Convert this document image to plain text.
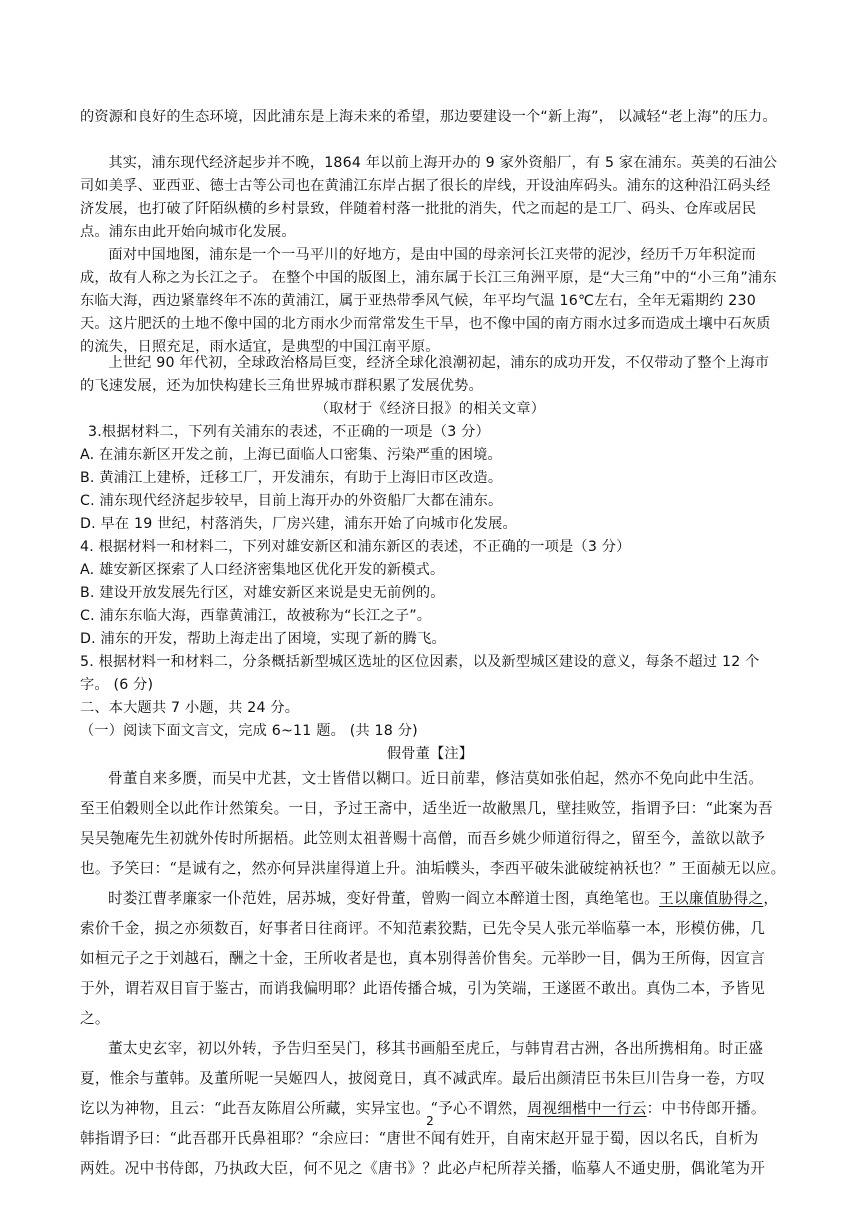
的资源和良好的生态环境，因此浦东是上海未来的希望，那边要建设一个“新上海”， 以减轻“老上海”的压力。
其实，浦东现代经济起步并不晚，1864 年以前上海开办的 9 家外资船厂，有 5 家在浦东。英美的石油公司如美孚、亚西亚、德士古等公司也在黄浦江东岸占据了很长的岸线，开设油库码头。浦东的这种沿江码头经济发展，也打破了阡陌纵横的乡村景致，伴随着村落一批批的消失，代之而起的是工厂、码头、仓库或居民点。浦东由此开始向城市化发展。
面对中国地图，浦东是一个一马平川的好地方，是由中国的母亲河长江夹带的泥沙，经历千万年积淀而成，故有人称之为长江之子。 在整个中国的版图上，浦东属于长江三角洲平原，是“大三角”中的“小三角”浦东东临大海，西边紧靠终年不冻的黄浦江，属于亚热带季风气候，年平均气温 16℃左右，全年无霜期约 230 天。这片肥沃的土地不像中国的北方雨水少而常常发生干旱，也不像中国的南方雨水过多而造成土壤中石灰质的流失，日照充足，雨水适宜，是典型的中国江南平原。
上世纪 90 年代初，全球政治格局巨变，经济全球化浪潮初起，浦东的成功开发，不仅带动了整个上海市的飞速发展，还为加快构建长三角世界城市群积累了发展优势。
（取材于《经济日报》的相关文章）
3.根据材料二，下列有关浦东的表述，不正确的一项是（3 分）
A. 在浦东新区开发之前，上海已面临人口密集、污染严重的困境。
B. 黄浦江上建桥，迁移工厂，开发浦东，有助于上海旧市区改造。
C. 浦东现代经济起步较早，目前上海开办的外资船厂大都在浦东。
D. 早在 19 世纪，村落消失，厂房兴建，浦东开始了向城市化发展。
4. 根据材料一和材料二，下列对雄安新区和浦东新区的表述，不正确的一项是（3 分）
A. 雄安新区探索了人口经济密集地区优化开发的新模式。
B. 建设开放发展先行区，对雄安新区来说是史无前例的。
C. 浦东东临大海，西靠黄浦江，故被称为“长江之子”。
D. 浦东的开发，帮助上海走出了困境，实现了新的腾飞。
5. 根据材料一和材料二，分条概括新型城区选址的区位因素，以及新型城区建设的意义，每条不超过 12 个字。 (6 分)
二、本大题共 7 小题，共 24 分。
（一）阅读下面文言文，完成 6~11 题。 (共 18 分)
假骨董【注】
骨董自来多赝，而吴中尤甚，文士皆借以糊口。近日前辈，修洁莫如张伯起，然亦不免向此中生活。
至王伯穀则全以此作计然策矣。一日，予过王斋中，适坐近一故敝黑几，壁挂败笠，指谓予曰：“此案为吾
吴吴匏庵先生初就外传时所据梧。此笠则太祖普赐十高僧，而吾乡姚少师道衍得之，留至今，盖欲以歆予
也。予笑曰：“是诚有之，然亦何异洪崖得道上升。油垢幞头，李西平破朱泚破绽衲袄也？” 王面赪无以应。
时娄江曹孝廉家一仆范姓，居苏城，变好骨董，曾购一阎立本醉道士图，真绝笔也。王以廉值胁得之，
索价千金，损之亦须数百，好事者日往商评。不知范素狡黠，已先令吴人张元举临摹一本，形模仿佛，几
如桓元子之于刘越石，酬之十金，王所收者是也，真本别得善价售矣。元举眇一目，偶为王所侮，因宣言
于外，谓若双目盲于鉴古，而诮我偏明耶？此语传播合城，引为笑端，王遂匿不敢出。真伪二本，予皆见
之。
董太史玄宰，初以外转，予告归至吴门，移其书画船至虎丘，与韩胄君古洲，各出所携相角。时正盛
夏，惟余与董韩。及董所呢一吴姬四人，披阅竟日，真不减武库。最后出颜清臣书朱巨川告身一卷，方叹
讫以为神物，且云：“此吾友陈眉公所藏，实异宝也。“予心不谓然，周视细楷中一行云：中书侍郎开播。
韩指谓予曰：“此吾郡开氏鼻祖耶？“余应曰：“唐世不闻有姓开，自南宋赵开显于蜀，因以名氏，自析为
两姓。况中书侍郎，乃执政大臣，何不见之《唐书》？此必卢杞所荐关播，临摹人不通史册，偶讹笔为开
2
